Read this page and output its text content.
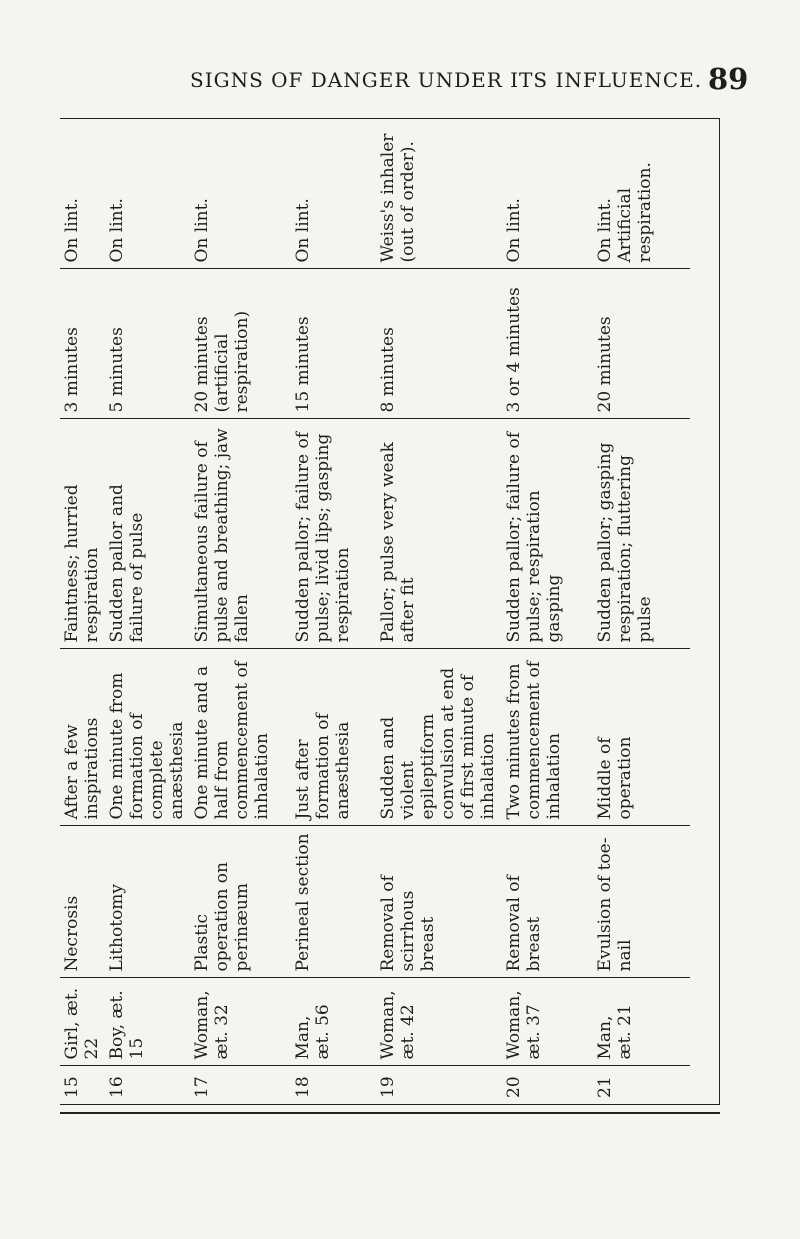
SIGNS OF DANGER UNDER ITS INFLUENCE. 89
15	Girl, æt. 22	Necrosis	After a few inspirations	Faintness; hurried respiration	3 minutes	On lint.
16	Boy, æt. 15	Lithotomy	One minute from formation of complete anæsthesia	Sudden pallor and failure of pulse	5 minutes	On lint.
17	Woman, æt. 32	Plastic operation on perinæum	One minute and a half from commencement of inhalation	Simultaneous failure of pulse and breathing; jaw fallen	20 minutes (artificial respiration)	On lint.
18	Man, æt. 56	Perineal section	Just after formation of anæsthesia	Sudden pallor; failure of pulse; livid lips; gasping respiration	15 minutes	On lint.
19	Woman, æt. 42	Removal of scirrhous breast	Sudden and violent epileptiform convulsion at end of first minute of inhalation	Pallor; pulse very weak after fit	8 minutes	Weiss's inhaler (out of order).
20	Woman, æt. 37	Removal of breast	Two minutes from commencement of inhalation	Sudden pallor; failure of pulse; respiration gasping	3 or 4 minutes	On lint.
21	Man, æt. 21	Evulsion of toe-nail	Middle of operation	Sudden pallor; gasping respiration; fluttering pulse	20 minutes	On lint. Artificial respiration.
